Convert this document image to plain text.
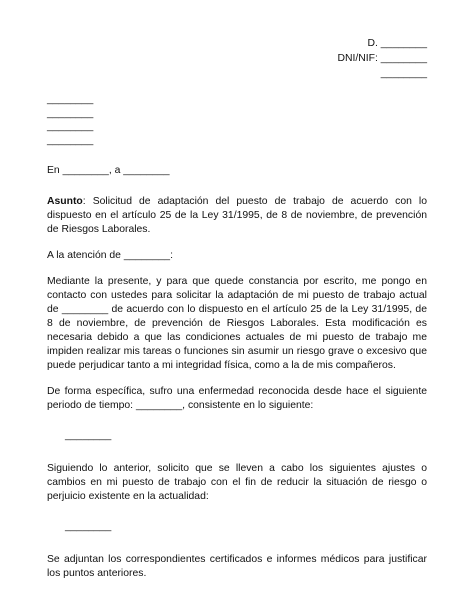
D. ________
DNI/NIF: ________
________
________
________
________
________

En ________, a ________

Asunto: Solicitud de adaptación del puesto de trabajo de acuerdo con lo dispuesto en el artículo 25 de la Ley 31/1995, de 8 de noviembre, de prevención de Riesgos Laborales.

A la atención de ________:

Mediante la presente, y para que quede constancia por escrito, me pongo en contacto con ustedes para solicitar la adaptación de mi puesto de trabajo actual de ________ de acuerdo con lo dispuesto en el artículo 25 de la Ley 31/1995, de 8 de noviembre, de prevención de Riesgos Laborales. Esta modificación es necesaria debido a que las condiciones actuales de mi puesto de trabajo me impiden realizar mis tareas o funciones sin asumir un riesgo grave o excesivo que puede perjudicar tanto a mi integridad física, como a la de mis compañeros.

De forma específica, sufro una enfermedad reconocida desde hace el siguiente periodo de tiempo: ________, consistente en lo siguiente:

________

Siguiendo lo anterior, solicito que se lleven a cabo los siguientes ajustes o cambios en mi puesto de trabajo con el fin de reducir la situación de riesgo o perjuicio existente en la actualidad:

________

Se adjuntan los correspondientes certificados e informes médicos para justificar los puntos anteriores.
